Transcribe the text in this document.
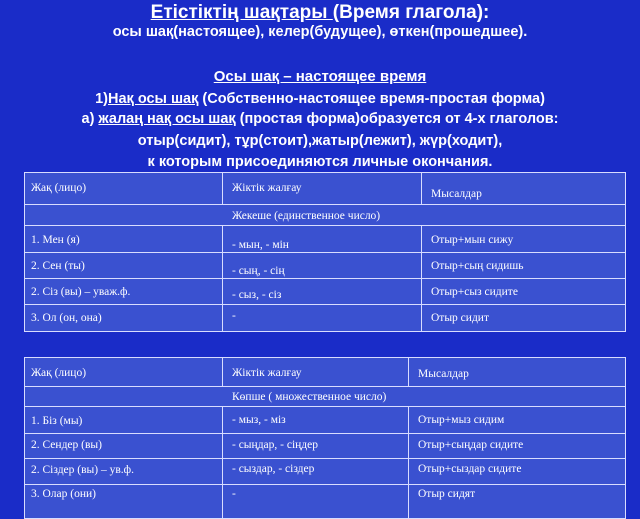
Етістіктің шақтары (Время глагола):
осы шақ(настоящее), келер(будущее), өткен(прошедшее).
Осы шақ – настоящее время
1)Нақ осы шақ (Собственно-настоящее время-простая форма)
а) жалаң нақ осы шақ (простая форма)образуется от 4-х глаголов:
отыр(сидит), тұр(стоит),жатыр(лежит), жүр(ходит),
к которым присоединяются личные окончания.
Жақ (лицо)	Жіктік жалғау	Мысалдар
Жекеше (единственное число)
1. Мен (я)	- мын, - мін	Отыр+мын сижу
2. Сен (ты)	- сың, - сің	Отыр+сың сидишь
2. Сіз (вы) – уваж.ф.	- сыз, - сіз	Отыр+сыз сидите
3. Ол (он, она)	-	Отыр сидит
Жақ (лицо)	Жіктік жалғау	Мысалдар
Көпше ( множественное число)
1. Біз (мы)	- мыз, - міз	Отыр+мыз сидим
2. Сендер (вы)	- сыңдар, - сіңдер	Отыр+сыңдар сидите
2. Сіздер (вы) – ув.ф.	- сыздар, - сіздер	Отыр+сыздар сидите
3. Олар (они)	-	Отыр сидят
